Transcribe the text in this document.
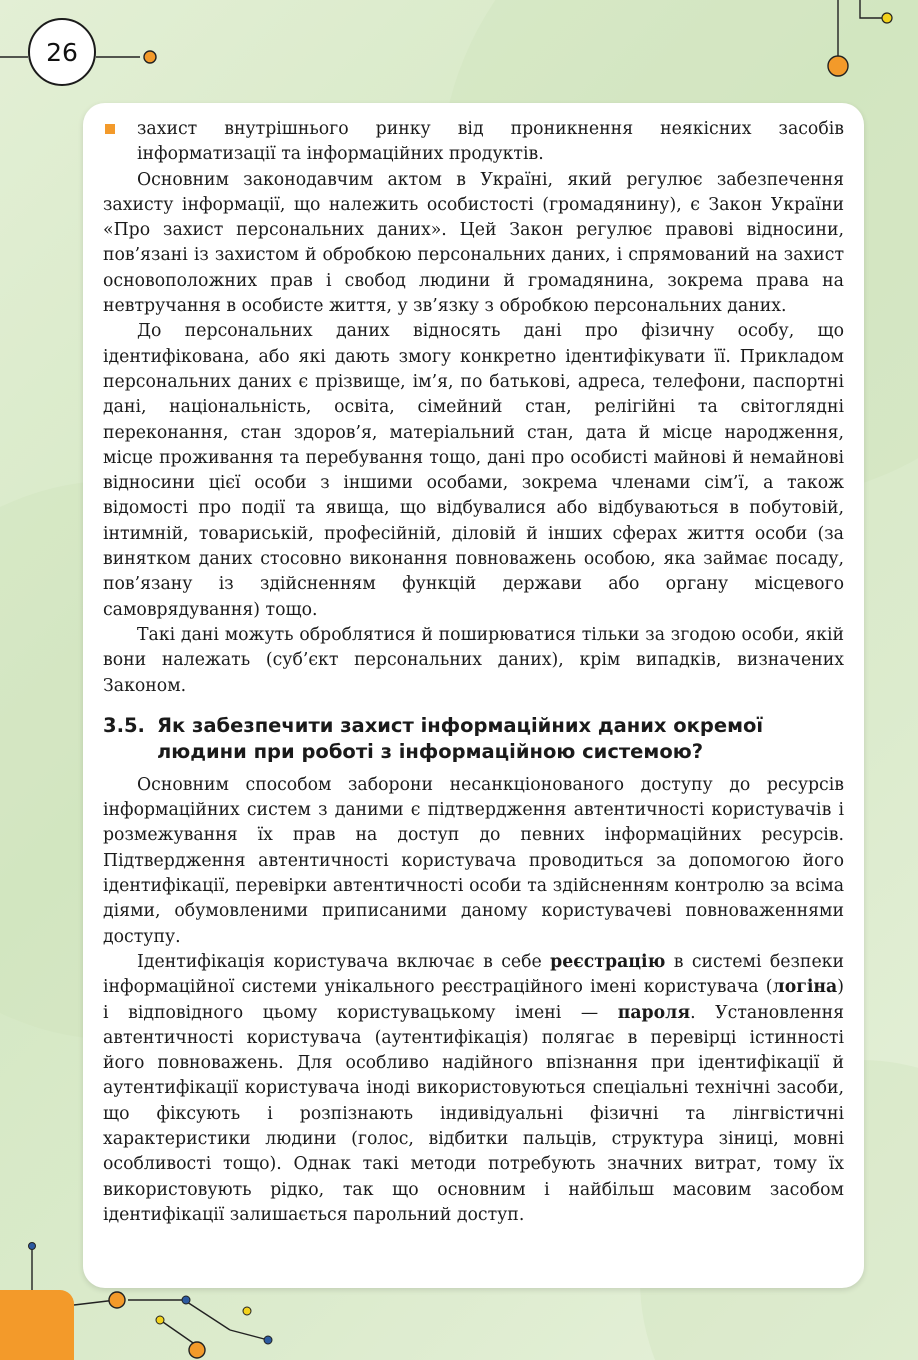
26
захист внутрішнього ринку від проникнення неякісних засобів інформатизації та інформаційних продуктів.

Основним законодавчим актом в Україні, який регулює забезпечення захисту інформації, що належить особистості (громадянину), є Закон України «Про захист персональних даних». Цей Закон регулює правові відносини, пов’язані із захистом й обробкою персональних даних, і спрямований на захист основоположних прав і свобод людини й громадянина, зокрема права на невтручання в особисте життя, у зв’язку з обробкою персональних даних.

До персональних даних відносять дані про фізичну особу, що ідентифікована, або які дають змогу конкретно ідентифікувати її. Прикладом персональних даних є прізвище, ім’я, по батькові, адреса, телефони, паспортні дані, національність, освіта, сімейний стан, релігійні та світоглядні переконання, стан здоров’я, матеріальний стан, дата й місце народження, місце проживання та перебування тощо, дані про особисті майнові й немайнові відносини цієї особи з іншими особами, зокрема членами сім’ї, а також відомості про події та явища, що відбувалися або відбуваються в побутовій, інтимній, товариській, професійній, діловій й інших сферах життя особи (за винятком даних стосовно виконання повноважень особою, яка займає посаду, пов’язану із здійсненням функцій держави або органу місцевого самоврядування) тощо.

Такі дані можуть оброблятися й поширюватися тільки за згодою особи, якій вони належать (суб’єкт персональних даних), крім випадків, визначених Законом.

3.5. Як забезпечити захист інформаційних даних окремої людини при роботі з інформаційною системою?

Основним способом заборони несанкціонованого доступу до ресурсів інформаційних систем з даними є підтвердження автентичності користувачів і розмежування їх прав на доступ до певних інформаційних ресурсів. Підтвердження автентичності користувача проводиться за допомогою його ідентифікації, перевірки автентичності особи та здійсненням контролю за всіма діями, обумовленими приписаними даному користувачеві повноваженнями доступу.

Ідентифікація користувача включає в себе реєстрацію в системі безпеки інформаційної системи унікального реєстраційного імені користувача (логіна) і відповідного цьому користувацькому імені — пароля. Установлення автентичності користувача (аутентифікація) полягає в перевірці істинності його повноважень. Для особливо надійного впізнання при ідентифікації й аутентифікації користувача іноді використовуються спеціальні технічні засоби, що фіксують і розпізнають індивідуальні фізичні та лінгвістичні характеристики людини (голос, відбитки пальців, структура зіниці, мовні особливості тощо). Однак такі методи потребують значних витрат, тому їх використовують рідко, так що основним і найбільш масовим засобом ідентифікації залишається парольний доступ.
